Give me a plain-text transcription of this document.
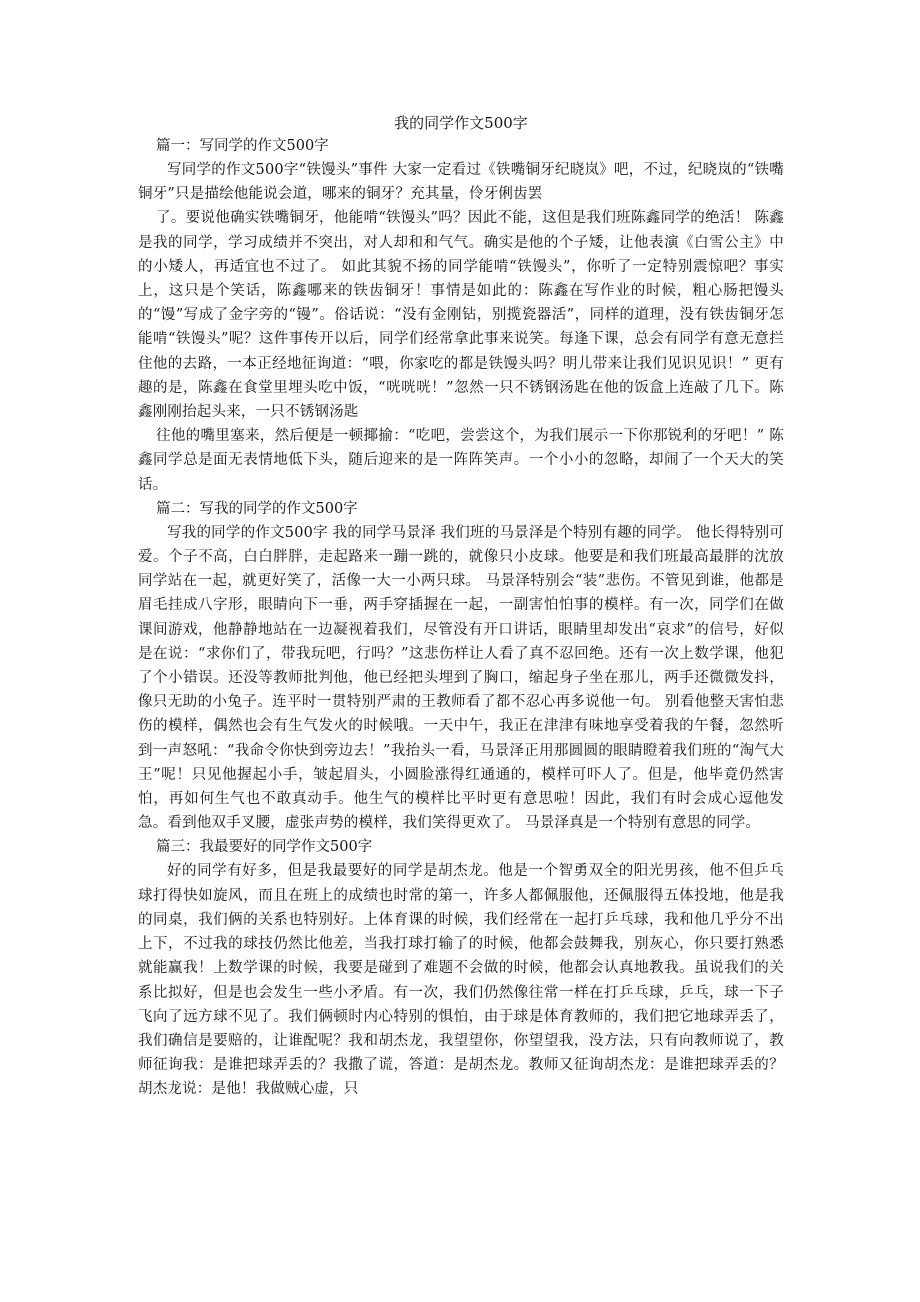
我的同学作文500字

篇一：写同学的作文500字

写同学的作文500字“铁馒头”事件 大家一定看过《铁嘴铜牙纪晓岚》吧，不过，纪晓岚的“铁嘴铜牙”只是描绘他能说会道，哪来的铜牙？充其量，伶牙俐齿罢

了。要说他确实铁嘴铜牙，他能啃“铁馒头”吗？因此不能，这但是我们班陈鑫同学的绝活！ 陈鑫是我的同学，学习成绩并不突出，对人却和和气气。确实是他的个子矮，让他表演《白雪公主》中的小矮人，再适宜也不过了。 如此其貌不扬的同学能啃“铁馒头”，你听了一定特别震惊吧？事实上，这只是个笑话，陈鑫哪来的铁齿铜牙！事情是如此的：陈鑫在写作业的时候，粗心肠把馒头的“馒”写成了金字旁的“镘”。俗话说：“没有金刚钻，别揽瓷器活”，同样的道理，没有铁齿铜牙怎能啃“铁馒头”呢？这件事传开以后，同学们经常拿此事来说笑。每逢下课，总会有同学有意无意拦住他的去路，一本正经地征询道：“喂，你家吃的都是铁馒头吗？明儿带来让我们见识见识！” 更有趣的是，陈鑫在食堂里埋头吃中饭，“咣咣咣！”忽然一只不锈钢汤匙在他的饭盒上连敲了几下。陈鑫刚刚抬起头来，一只不锈钢汤匙

往他的嘴里塞来，然后便是一顿揶揄：“吃吧，尝尝这个，为我们展示一下你那锐利的牙吧！” 陈鑫同学总是面无表情地低下头，随后迎来的是一阵阵笑声。一个小小的忽略，却闹了一个天大的笑话。

篇二：写我的同学的作文500字

写我的同学的作文500字 我的同学马景泽 我们班的马景泽是个特别有趣的同学。 他长得特别可爱。个子不高，白白胖胖，走起路来一蹦一跳的，就像只小皮球。他要是和我们班最高最胖的沈放同学站在一起，就更好笑了，活像一大一小两只球。 马景泽特别会“装”悲伤。不管见到谁，他都是眉毛挂成八字形，眼睛向下一垂，两手穿插握在一起，一副害怕怕事的模样。有一次，同学们在做课间游戏，他静静地站在一边凝视着我们，尽管没有开口讲话，眼睛里却发出“哀求”的信号，好似是在说：“求你们了，带我玩吧，行吗？”这悲伤样让人看了真不忍回绝。还有一次上数学课，他犯了个小错误。还没等教师批判他，他已经把头埋到了胸口，缩起身子坐在那儿，两手还微微发抖，像只无助的小兔子。连平时一贯特别严肃的王教师看了都不忍心再多说他一句。 别看他整天害怕悲伤的模样，偶然也会有生气发火的时候哦。一天中午，我正在津津有味地享受着我的午餐，忽然听到一声怒吼：“我命令你快到旁边去！”我抬头一看，马景泽正用那圆圆的眼睛瞪着我们班的“淘气大王”呢！只见他握起小手，皱起眉头，小圆脸涨得红通通的，模样可吓人了。但是，他毕竟仍然害怕，再如何生气也不敢真动手。他生气的模样比平时更有意思啦！因此，我们有时会成心逗他发急。看到他双手叉腰，虚张声势的模样，我们笑得更欢了。 马景泽真是一个特别有意思的同学。

篇三：我最要好的同学作文500字

好的同学有好多，但是我最要好的同学是胡杰龙。他是一个智勇双全的阳光男孩，他不但乒乓球打得快如旋风，而且在班上的成绩也时常的第一，许多人都佩服他，还佩服得五体投地，他是我的同桌，我们俩的关系也特别好。上体育课的时候，我们经常在一起打乒乓球，我和他几乎分不出上下，不过我的球技仍然比他差，当我打球打输了的时候，他都会鼓舞我，别灰心，你只要打熟悉就能赢我！上数学课的时候，我要是碰到了难题不会做的时候，他都会认真地教我。虽说我们的关系比拟好，但是也会发生一些小矛盾。有一次，我们仍然像往常一样在打乒乓球，乒乓，球一下子飞向了远方球不见了。我们俩顿时内心特别的惧怕，由于球是体育教师的，我们把它地球弄丢了，我们确信是要赔的，让谁配呢？我和胡杰龙，我望望你，你望望我，没方法，只有向教师说了，教师征询我：是谁把球弄丢的？我撒了谎，答道：是胡杰龙。教师又征询胡杰龙：是谁把球弄丢的？胡杰龙说：是他！我做贼心虚，只
